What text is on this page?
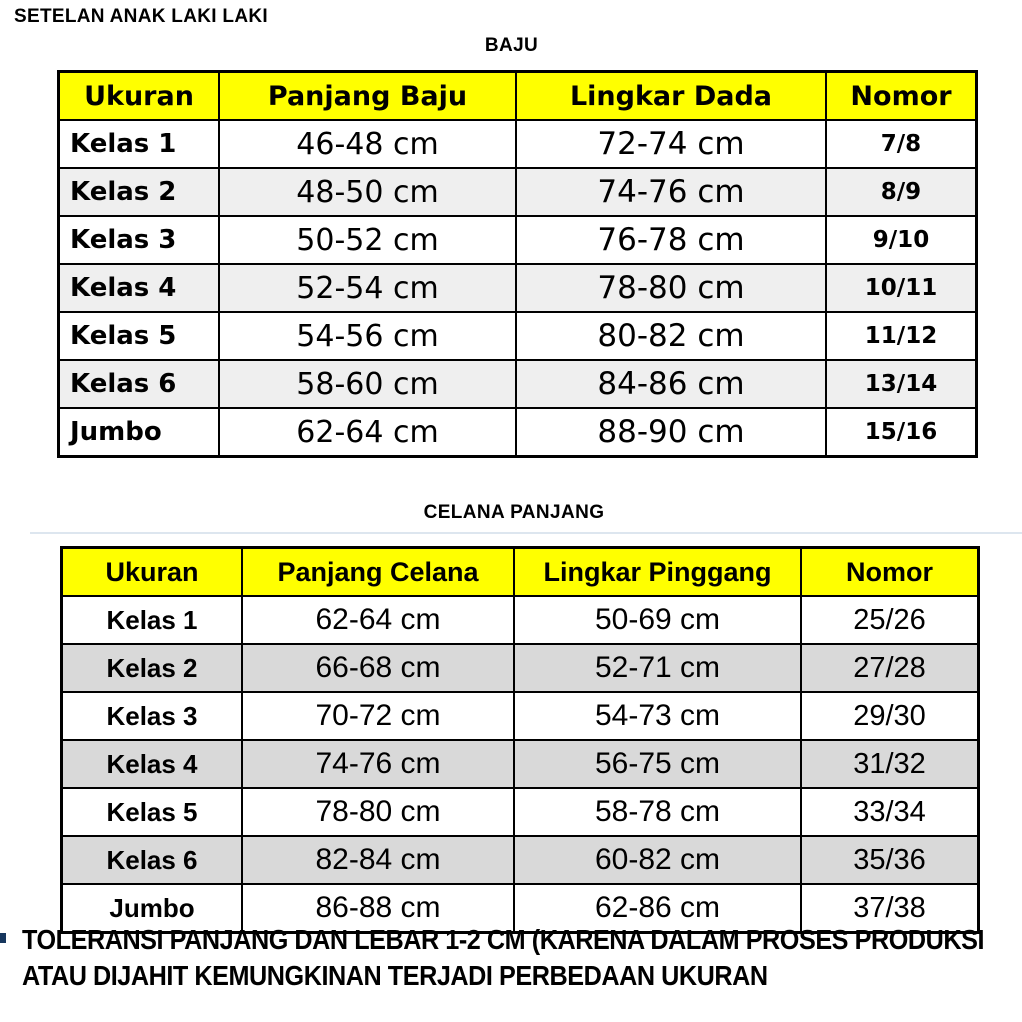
SETELAN ANAK LAKI LAKI
BAJU
Ukuran	Panjang Baju	Lingkar Dada	Nomor
Kelas 1	46-48 cm	72-74 cm	7/8
Kelas 2	48-50 cm	74-76 cm	8/9
Kelas 3	50-52 cm	76-78 cm	9/10
Kelas 4	52-54 cm	78-80 cm	10/11
Kelas 5	54-56 cm	80-82 cm	11/12
Kelas 6	58-60 cm	84-86 cm	13/14
Jumbo	62-64 cm	88-90 cm	15/16
CELANA PANJANG
Ukuran	Panjang Celana	Lingkar Pinggang	Nomor
Kelas 1	62-64 cm	50-69 cm	25/26
Kelas 2	66-68 cm	52-71 cm	27/28
Kelas 3	70-72 cm	54-73 cm	29/30
Kelas 4	74-76 cm	56-75 cm	31/32
Kelas 5	78-80 cm	58-78 cm	33/34
Kelas 6	82-84 cm	60-82 cm	35/36
Jumbo	86-88 cm	62-86 cm	37/38
TOLERANSI PANJANG DAN LEBAR 1-2 CM (KARENA DALAM PROSES PRODUKSI
ATAU DIJAHIT KEMUNGKINAN TERJADI PERBEDAAN UKURAN
